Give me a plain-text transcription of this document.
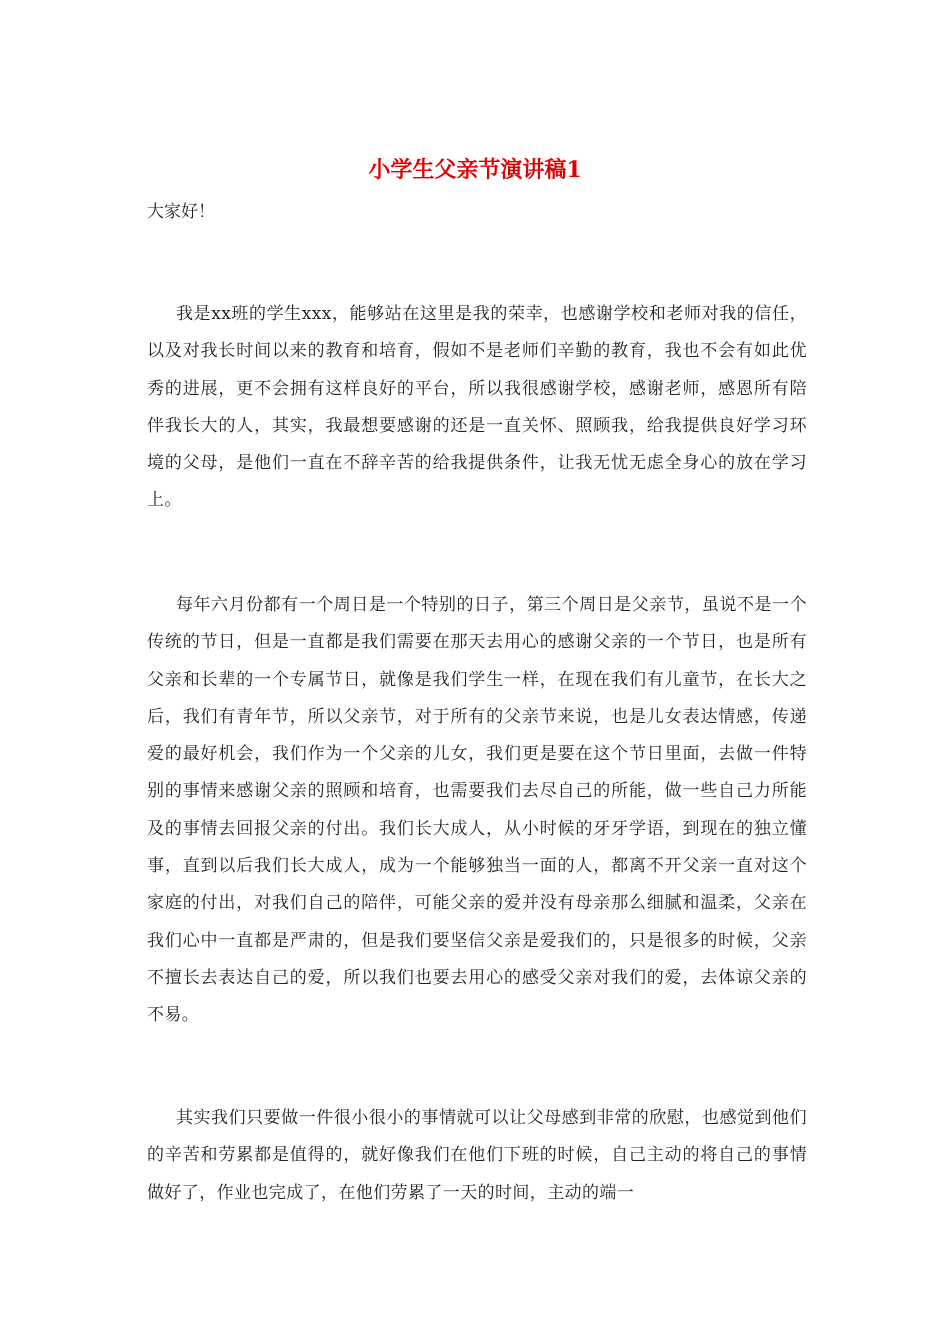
小学生父亲节演讲稿1

大家好！

我是xx班的学生xxx，能够站在这里是我的荣幸，也感谢学校和老师对我的信任，以及对我长时间以来的教育和培育，假如不是老师们辛勤的教育，我也不会有如此优秀的进展，更不会拥有这样良好的平台，所以我很感谢学校，感谢老师，感恩所有陪伴我长大的人，其实，我最想要感谢的还是一直关怀、照顾我，给我提供良好学习环境的父母，是他们一直在不辞辛苦的给我提供条件，让我无忧无虑全身心的放在学习上。

每年六月份都有一个周日是一个特别的日子，第三个周日是父亲节，虽说不是一个传统的节日，但是一直都是我们需要在那天去用心的感谢父亲的一个节日，也是所有父亲和长辈的一个专属节日，就像是我们学生一样，在现在我们有儿童节，在长大之后，我们有青年节，所以父亲节，对于所有的父亲节来说，也是儿女表达情感，传递爱的最好机会，我们作为一个父亲的儿女，我们更是要在这个节日里面，去做一件特别的事情来感谢父亲的照顾和培育，也需要我们去尽自己的所能，做一些自己力所能及的事情去回报父亲的付出。我们长大成人，从小时候的牙牙学语，到现在的独立懂事，直到以后我们长大成人，成为一个能够独当一面的人，都离不开父亲一直对这个家庭的付出，对我们自己的陪伴，可能父亲的爱并没有母亲那么细腻和温柔，父亲在我们心中一直都是严肃的，但是我们要坚信父亲是爱我们的，只是很多的时候，父亲不擅长去表达自己的爱，所以我们也要去用心的感受父亲对我们的爱，去体谅父亲的不易。

其实我们只要做一件很小很小的事情就可以让父母感到非常的欣慰，也感觉到他们的辛苦和劳累都是值得的，就好像我们在他们下班的时候，自己主动的将自己的事情做好了，作业也完成了，在他们劳累了一天的时间，主动的端一
